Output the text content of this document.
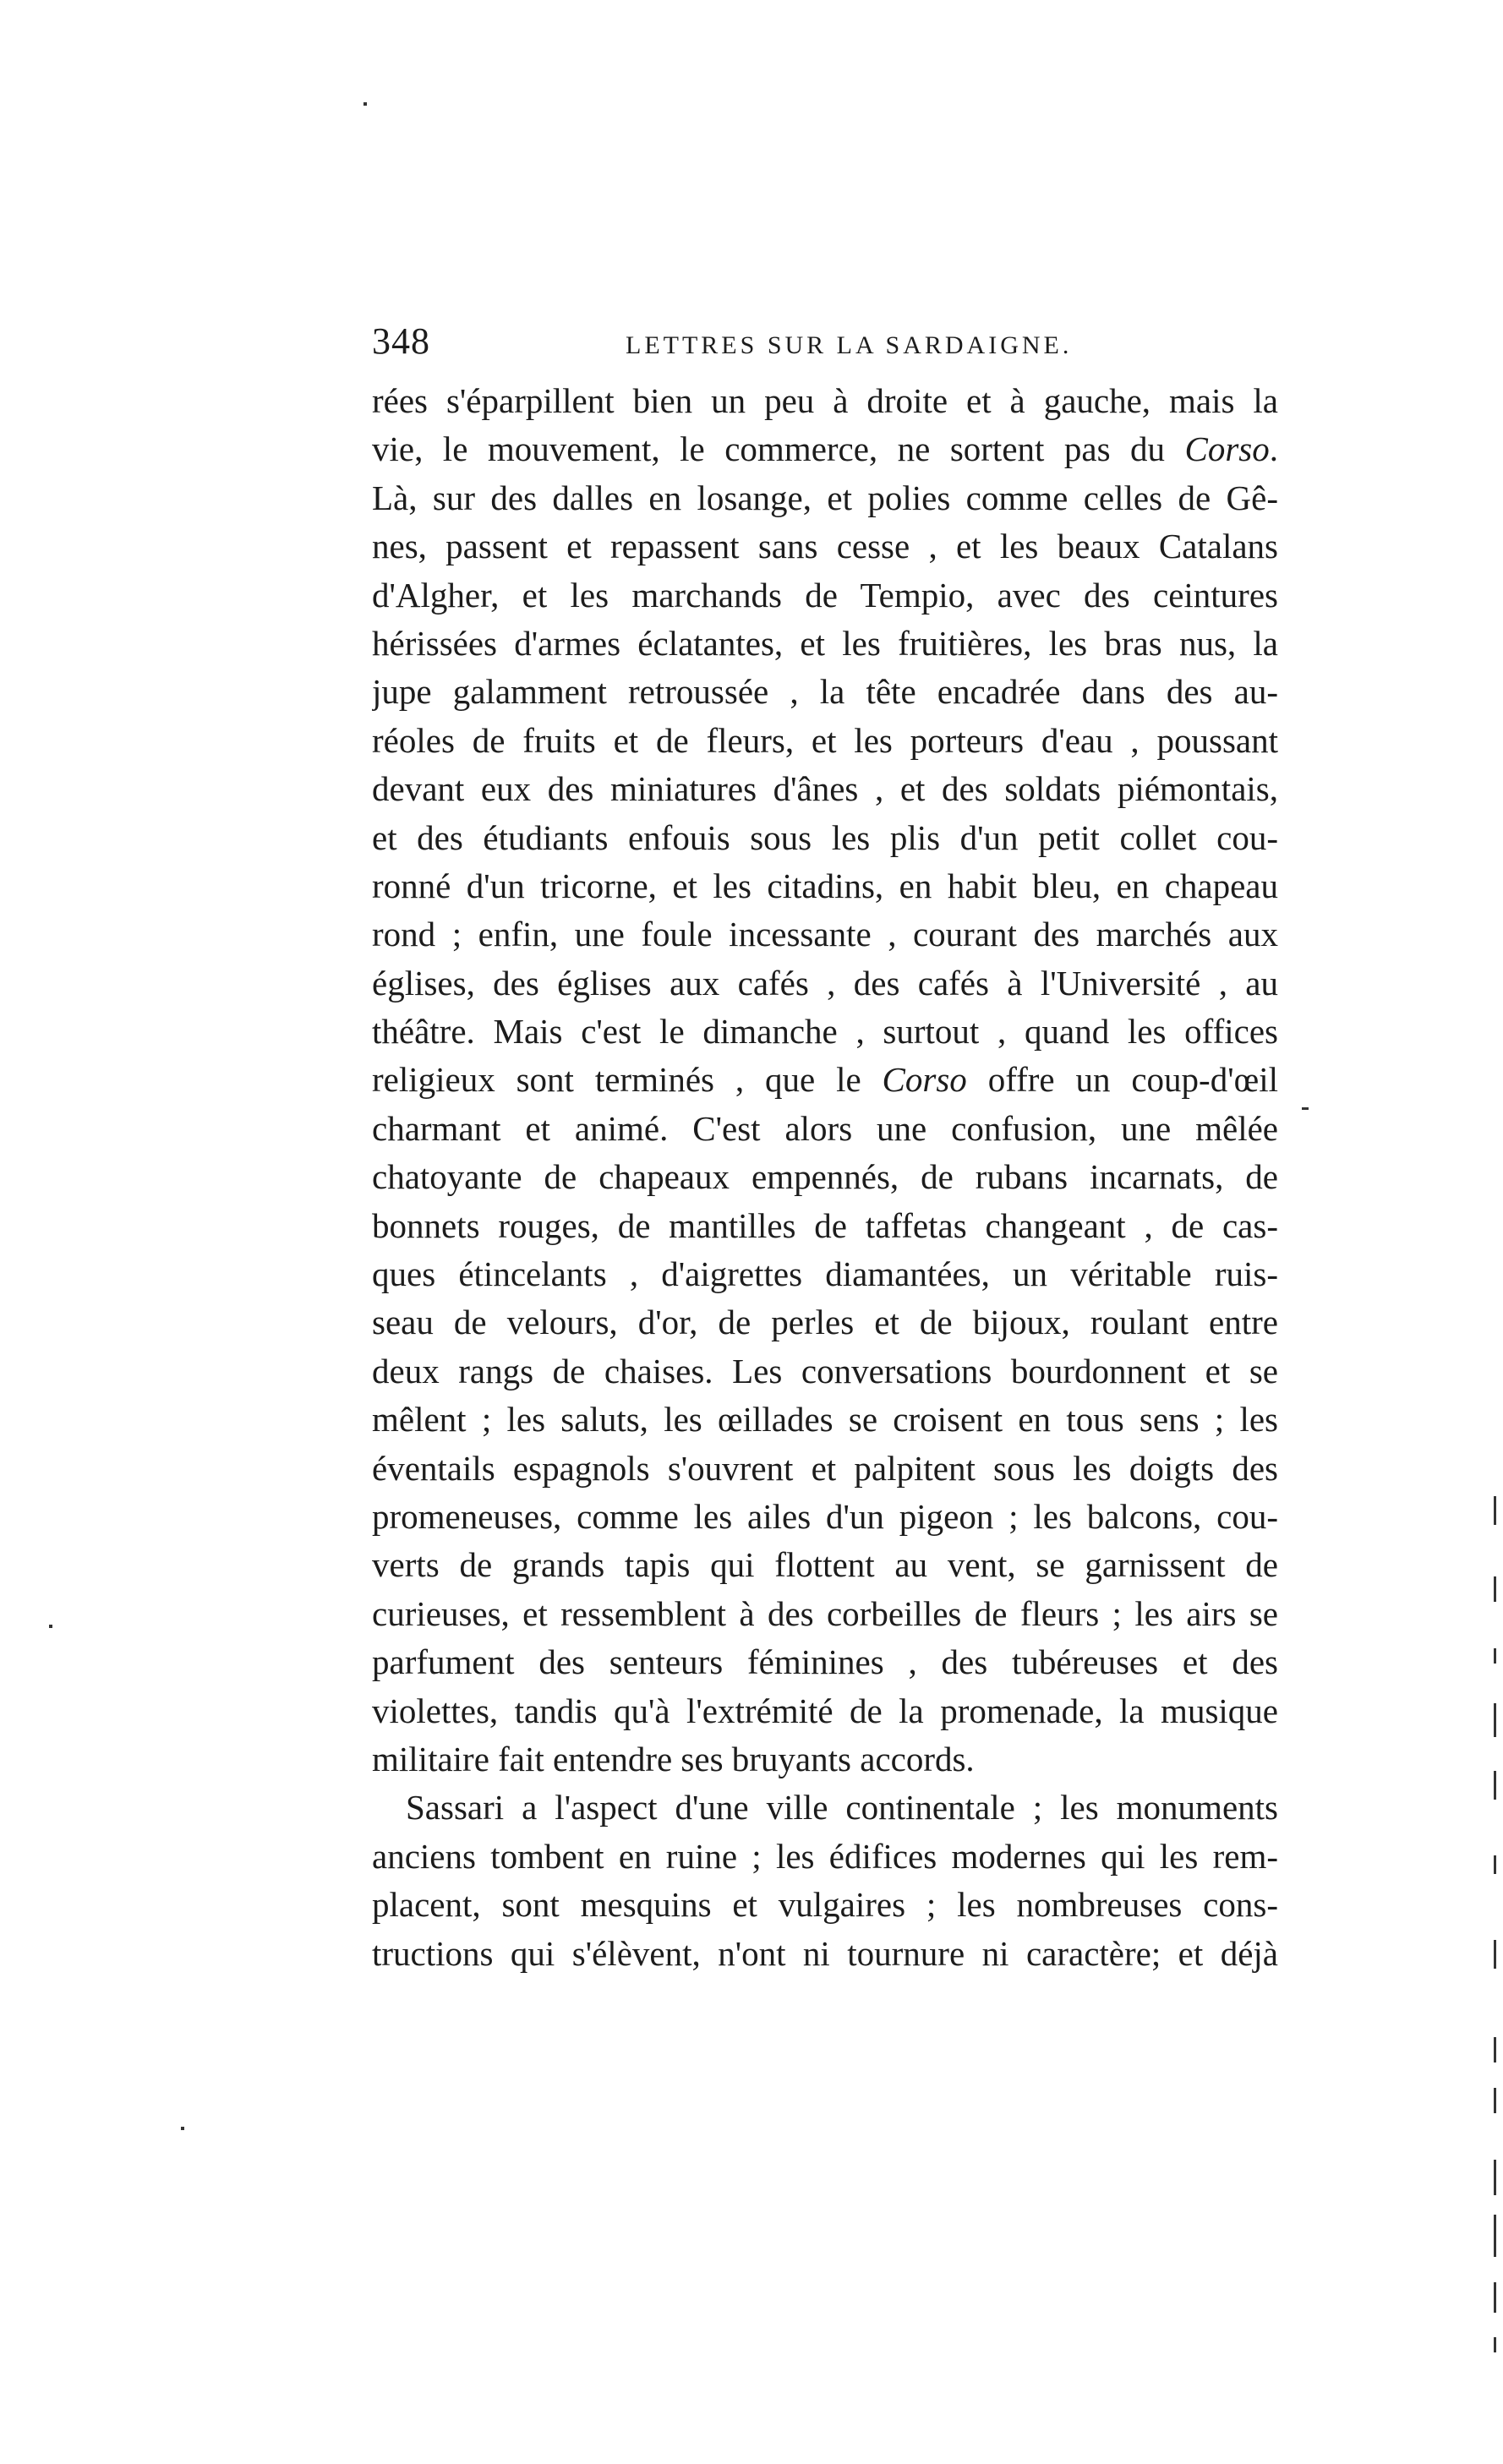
348	LETTRES SUR LA SARDAIGNE.
rées s'éparpillent bien un peu à droite et à gauche, mais la
vie, le mouvement, le commerce, ne sortent pas du Corso.
Là, sur des dalles en losange, et polies comme celles de Gê-
nes, passent et repassent sans cesse , et les beaux Catalans
d'Algher, et les marchands de Tempio, avec des ceintures
hérissées d'armes éclatantes, et les fruitières, les bras nus, la
jupe galamment retroussée , la tête encadrée dans des au-
réoles de fruits et de fleurs, et les porteurs d'eau , poussant
devant eux des miniatures d'ânes , et des soldats piémontais,
et des étudiants enfouis sous les plis d'un petit collet cou-
ronné d'un tricorne, et les citadins, en habit bleu, en chapeau
rond ; enfin, une foule incessante , courant des marchés aux
églises, des églises aux cafés , des cafés à l'Université , au
théâtre. Mais c'est le dimanche , surtout , quand les offices
religieux sont terminés , que le Corso offre un coup-d'œil
charmant et animé. C'est alors une confusion, une mêlée
chatoyante de chapeaux empennés, de rubans incarnats, de
bonnets rouges, de mantilles de taffetas changeant , de cas-
ques étincelants , d'aigrettes diamantées, un véritable ruis-
seau de velours, d'or, de perles et de bijoux, roulant entre
deux rangs de chaises. Les conversations bourdonnent et se
mêlent ; les saluts, les œillades se croisent en tous sens ; les
éventails espagnols s'ouvrent et palpitent sous les doigts des
promeneuses, comme les ailes d'un pigeon ; les balcons, cou-
verts de grands tapis qui flottent au vent, se garnissent de
curieuses, et ressemblent à des corbeilles de fleurs ; les airs se
parfument des senteurs féminines , des tubéreuses et des
violettes, tandis qu'à l'extrémité de la promenade, la musique
militaire fait entendre ses bruyants accords.
Sassari a l'aspect d'une ville continentale ; les monuments
anciens tombent en ruine ; les édifices modernes qui les rem-
placent, sont mesquins et vulgaires ; les nombreuses cons-
tructions qui s'élèvent, n'ont ni tournure ni caractère; et déjà
